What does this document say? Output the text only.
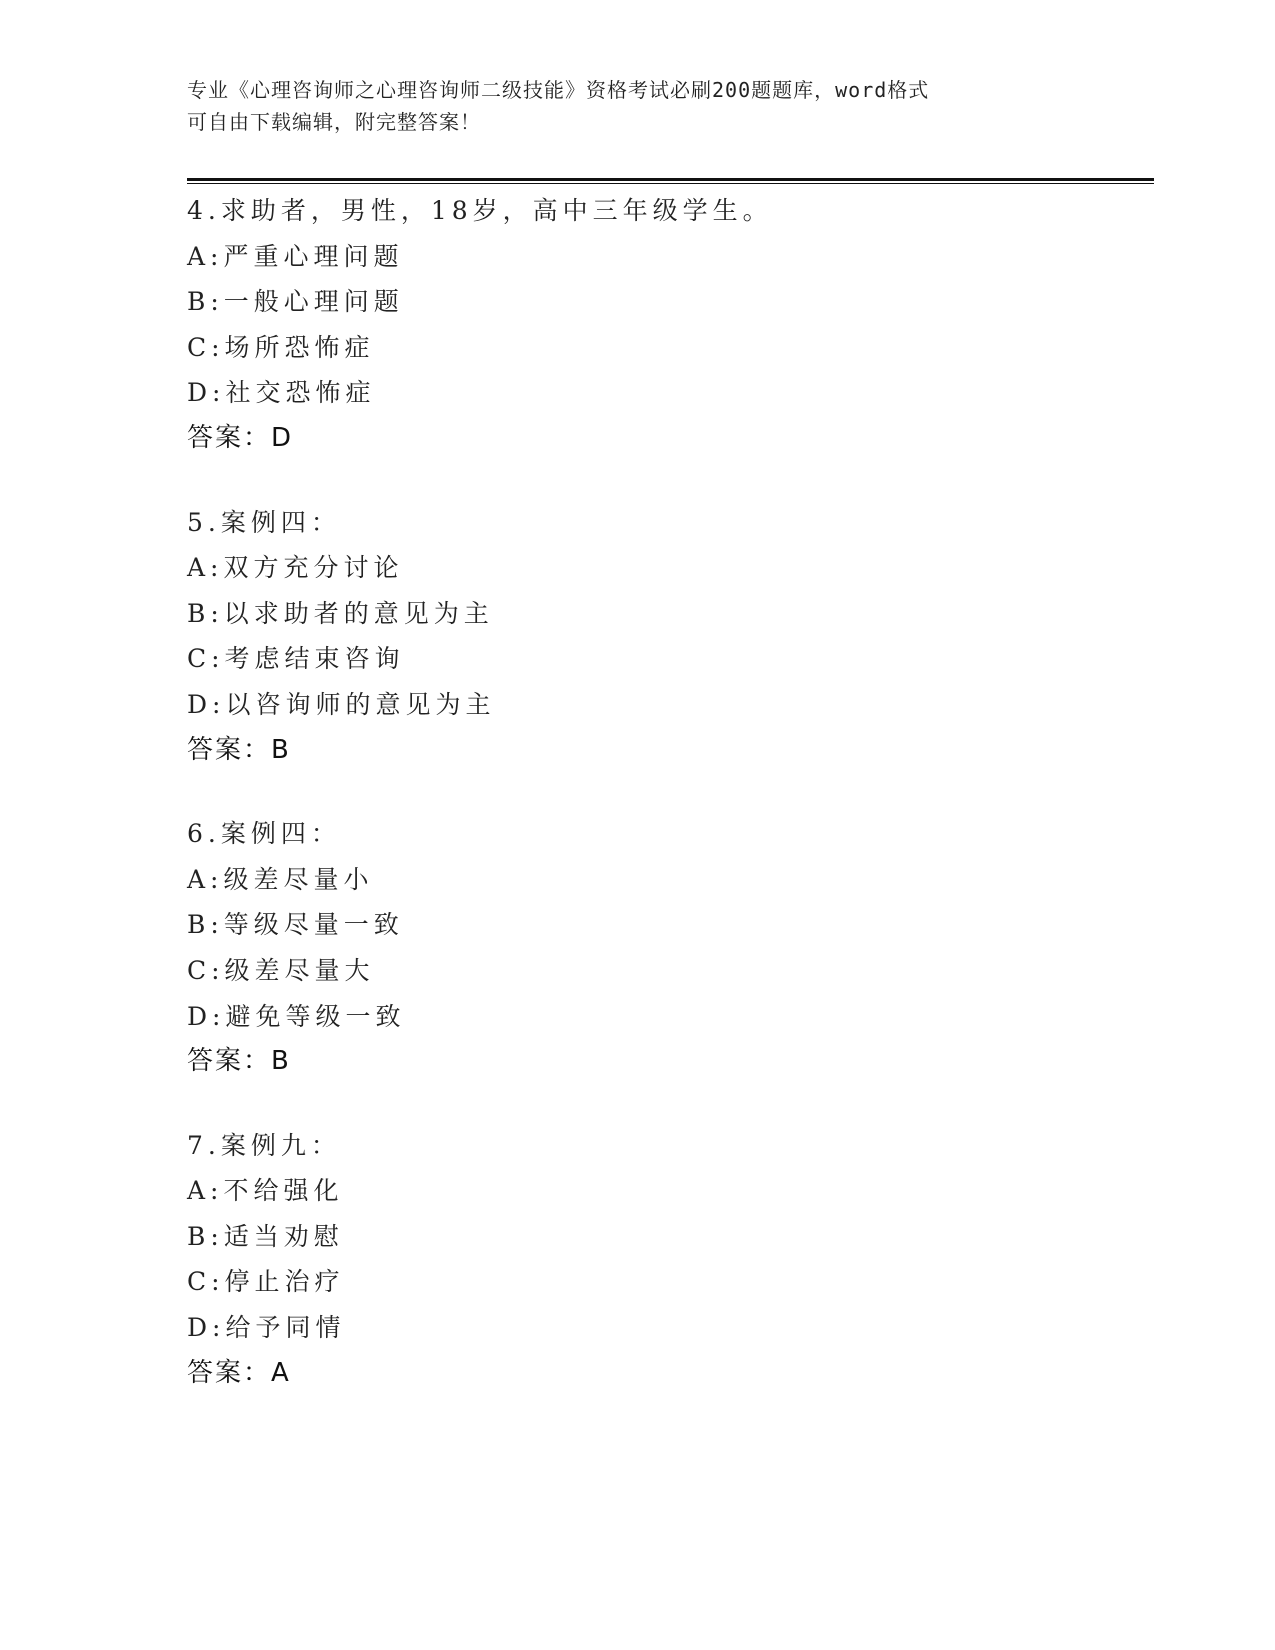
专业《心理咨询师之心理咨询师二级技能》资格考试必刷200题题库，word格式
可自由下载编辑，附完整答案！
4.求助者，男性，18岁，高中三年级学生。
A:严重心理问题
B:一般心理问题
C:场所恐怖症
D:社交恐怖症
答案：D
5.案例四：
A:双方充分讨论
B:以求助者的意见为主
C:考虑结束咨询
D:以咨询师的意见为主
答案：B
6.案例四：
A:级差尽量小
B:等级尽量一致
C:级差尽量大
D:避免等级一致
答案：B
7.案例九：
A:不给强化
B:适当劝慰
C:停止治疗
D:给予同情
答案：A
